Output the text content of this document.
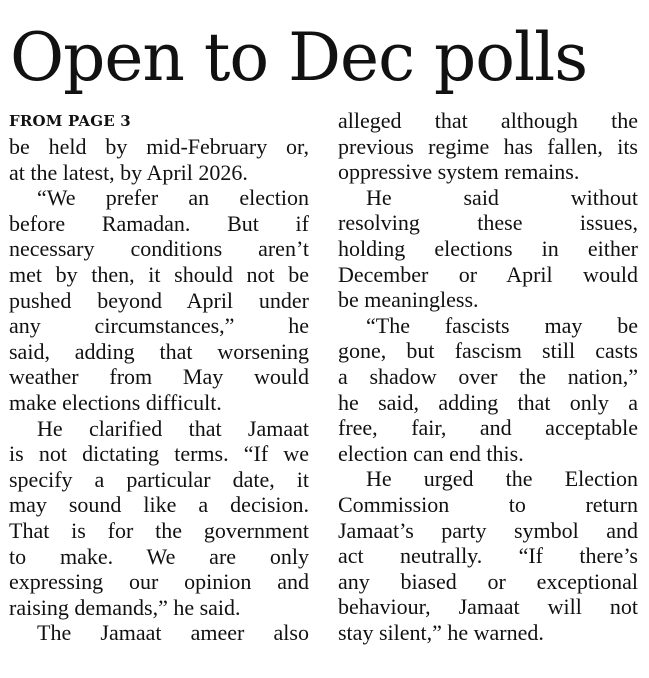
Open to Dec polls

FROM PAGE 3

be held by mid-February or,
at the latest, by April 2026.
“We prefer an election
before Ramadan. But if
necessary conditions aren’t
met by then, it should not be
pushed beyond April under
any circumstances,” he
said, adding that worsening
weather from May would
make elections difficult.
He clarified that Jamaat
is not dictating terms. “If we
specify a particular date, it
may sound like a decision.
That is for the government
to make. We are only
expressing our opinion and
raising demands,” he said.
The Jamaat ameer also
alleged that although the
previous regime has fallen, its
oppressive system remains.
He said without
resolving these issues,
holding elections in either
December or April would
be meaningless.
“The fascists may be
gone, but fascism still casts
a shadow over the nation,”
he said, adding that only a
free, fair, and acceptable
election can end this.
He urged the Election
Commission to return
Jamaat’s party symbol and
act neutrally. “If there’s
any biased or exceptional
behaviour, Jamaat will not
stay silent,” he warned.
